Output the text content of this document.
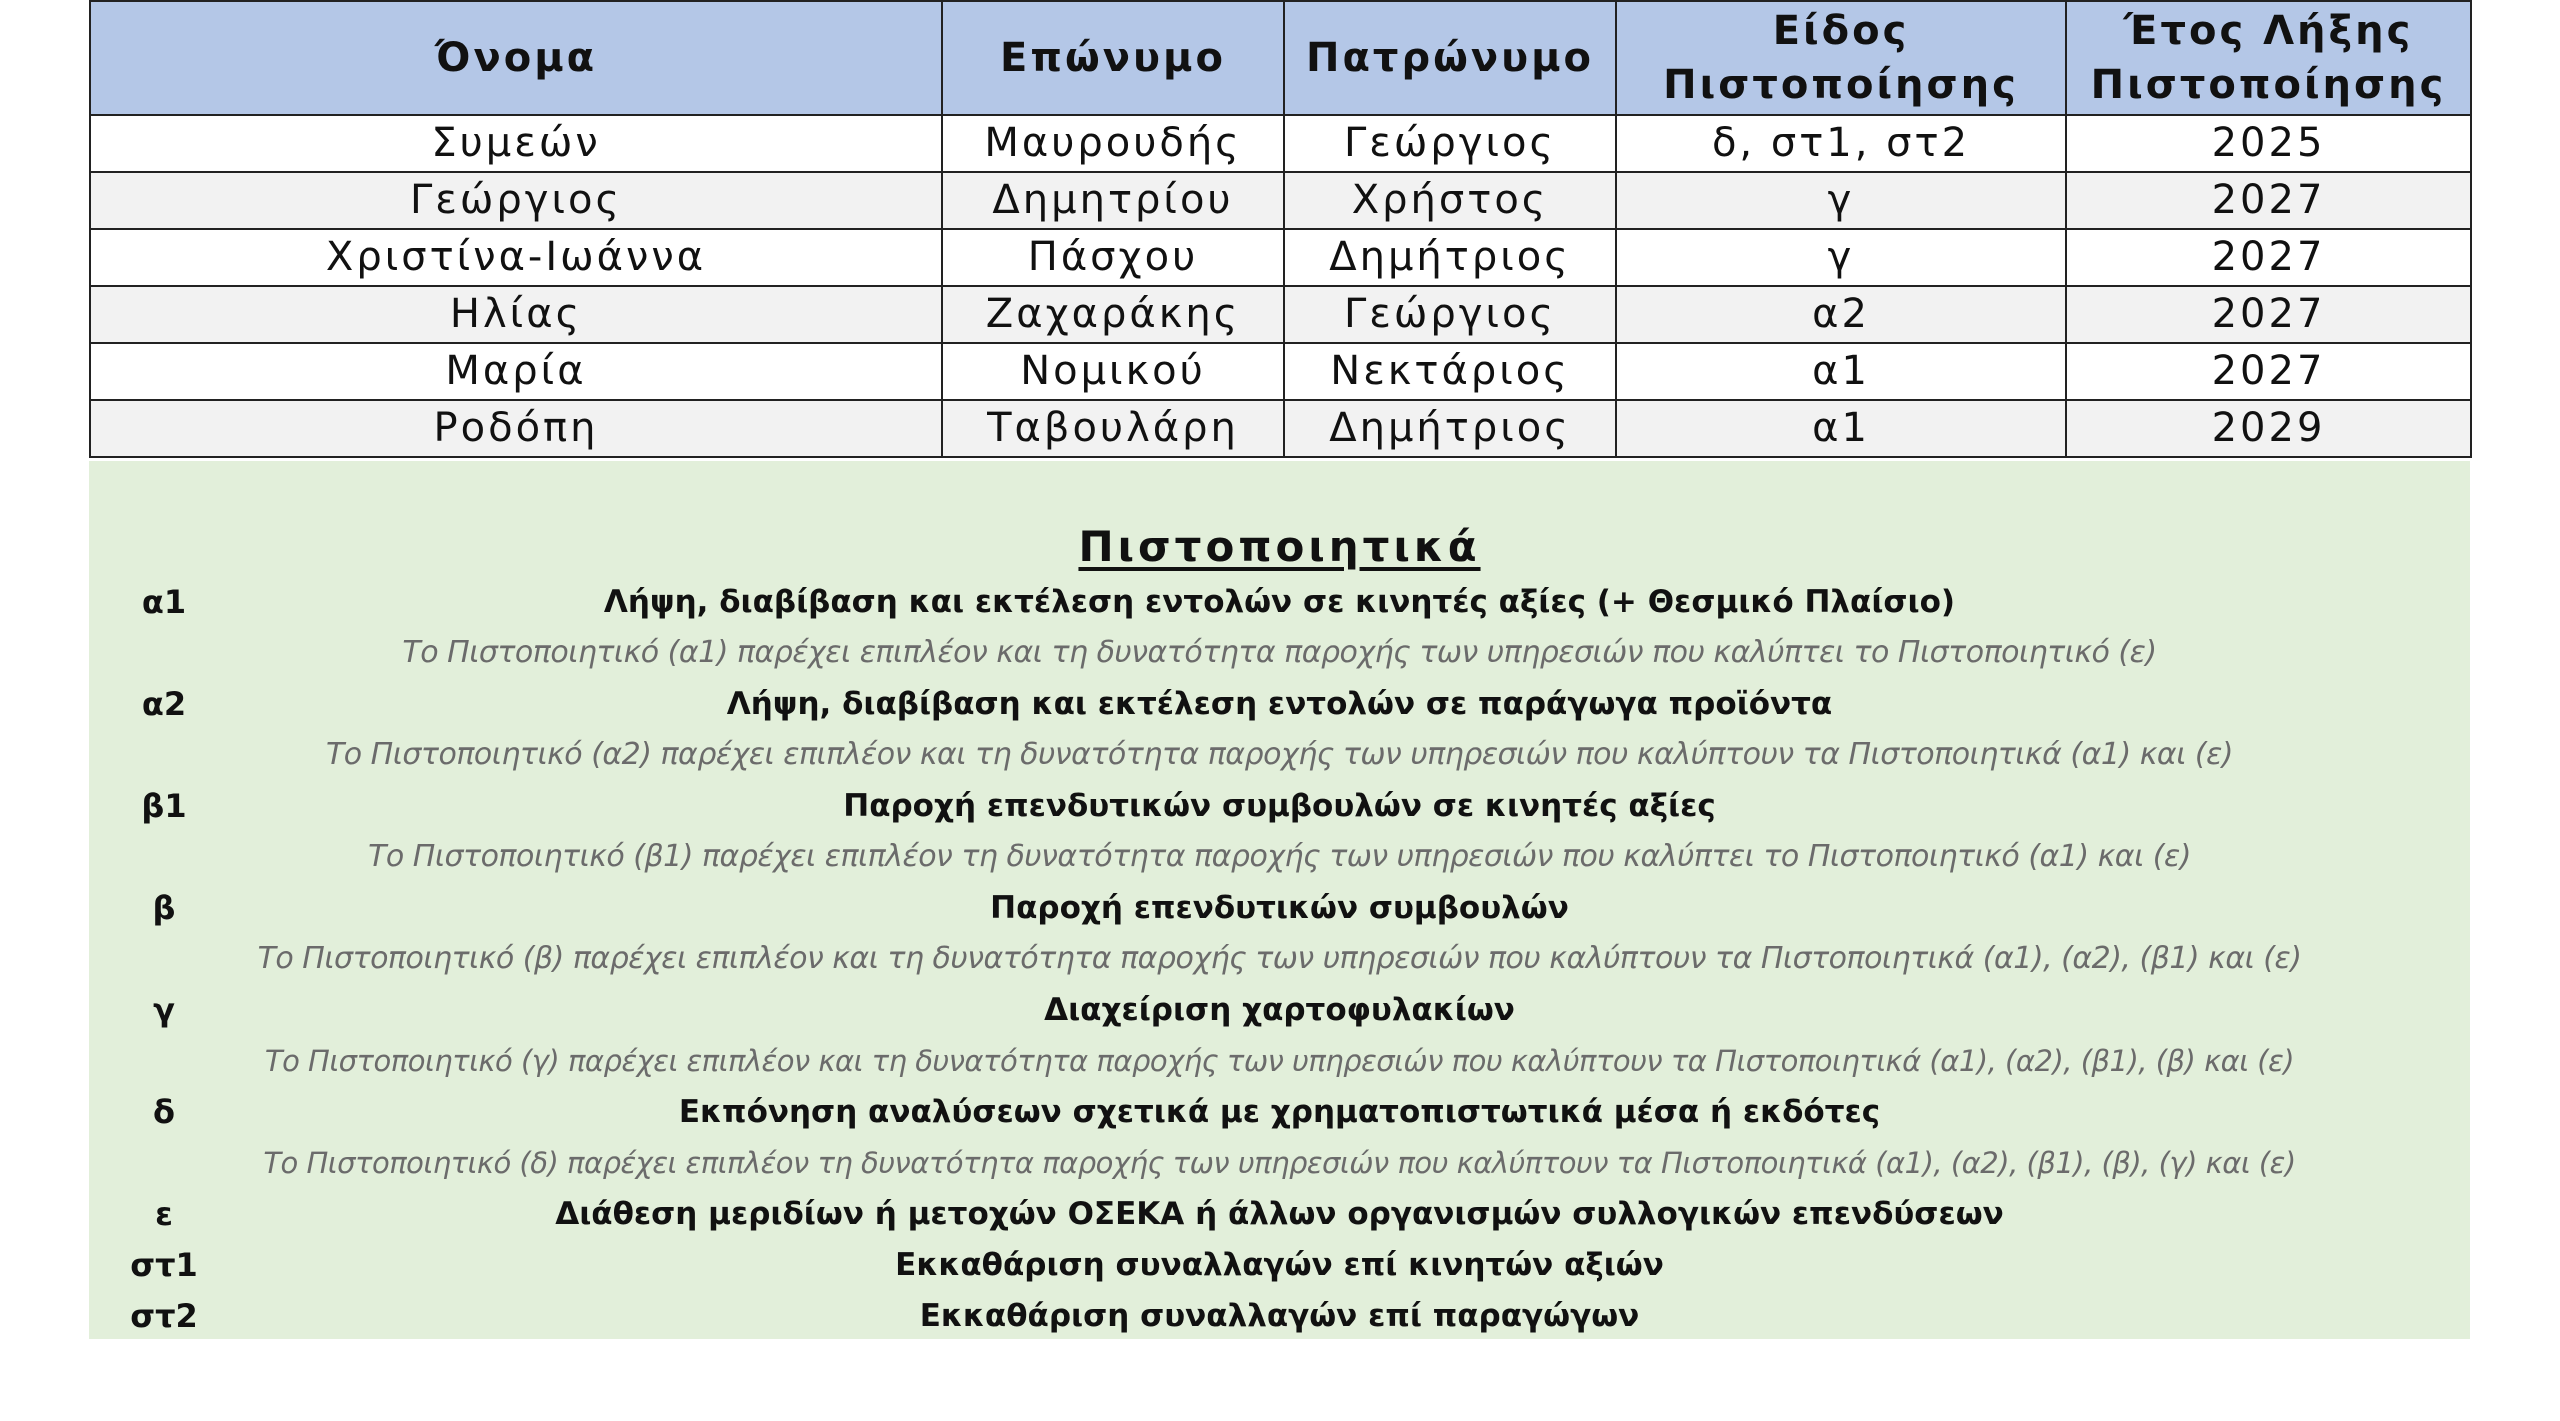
Όνομα	Επώνυμο	Πατρώνυμο	Είδος Πιστοποίησης	Έτος Λήξης Πιστοποίησης
Συμεών	Μαυρουδής	Γεώργιος	δ, στ1, στ2	2025
Γεώργιος	Δημητρίου	Χρήστος	γ	2027
Χριστίνα-Ιωάννα	Πάσχου	Δημήτριος	γ	2027
Ηλίας	Ζαχαράκης	Γεώργιος	α2	2027
Μαρία	Νομικού	Νεκτάριος	α1	2027
Ροδόπη	Ταβουλάρη	Δημήτριος	α1	2029
Πιστοποιητικά
α1	Λήψη, διαβίβαση και εκτέλεση εντολών σε κινητές αξίες (+ Θεσμικό Πλαίσιο)
Το Πιστοποιητικό (α1) παρέχει επιπλέον και τη δυνατότητα παροχής των υπηρεσιών που καλύπτει το Πιστοποιητικό (ε)
α2	Λήψη, διαβίβαση και εκτέλεση εντολών σε παράγωγα προϊόντα
Το Πιστοποιητικό (α2) παρέχει επιπλέον και τη δυνατότητα παροχής των υπηρεσιών που καλύπτουν τα Πιστοποιητικά (α1) και (ε)
β1	Παροχή επενδυτικών συμβουλών σε κινητές αξίες
Το Πιστοποιητικό (β1) παρέχει επιπλέον τη δυνατότητα παροχής των υπηρεσιών που καλύπτει το Πιστοποιητικό (α1) και (ε)
β	Παροχή επενδυτικών συμβουλών
Το Πιστοποιητικό (β) παρέχει επιπλέον και τη δυνατότητα παροχής των υπηρεσιών που καλύπτουν τα Πιστοποιητικά (α1), (α2), (β1) και (ε)
γ	Διαχείριση χαρτοφυλακίων
Το Πιστοποιητικό (γ) παρέχει επιπλέον και τη δυνατότητα παροχής των υπηρεσιών που καλύπτουν τα Πιστοποιητικά (α1), (α2), (β1), (β) και (ε)
δ	Εκπόνηση αναλύσεων σχετικά με χρηματοπιστωτικά μέσα ή εκδότες
Το Πιστοποιητικό (δ) παρέχει επιπλέον τη δυνατότητα παροχής των υπηρεσιών που καλύπτουν τα Πιστοποιητικά (α1), (α2), (β1), (β), (γ) και (ε)
ε	Διάθεση μεριδίων ή μετοχών ΟΣΕΚΑ ή άλλων οργανισμών συλλογικών επενδύσεων
στ1	Εκκαθάριση συναλλαγών επί κινητών αξιών
στ2	Εκκαθάριση συναλλαγών επί παραγώγων
